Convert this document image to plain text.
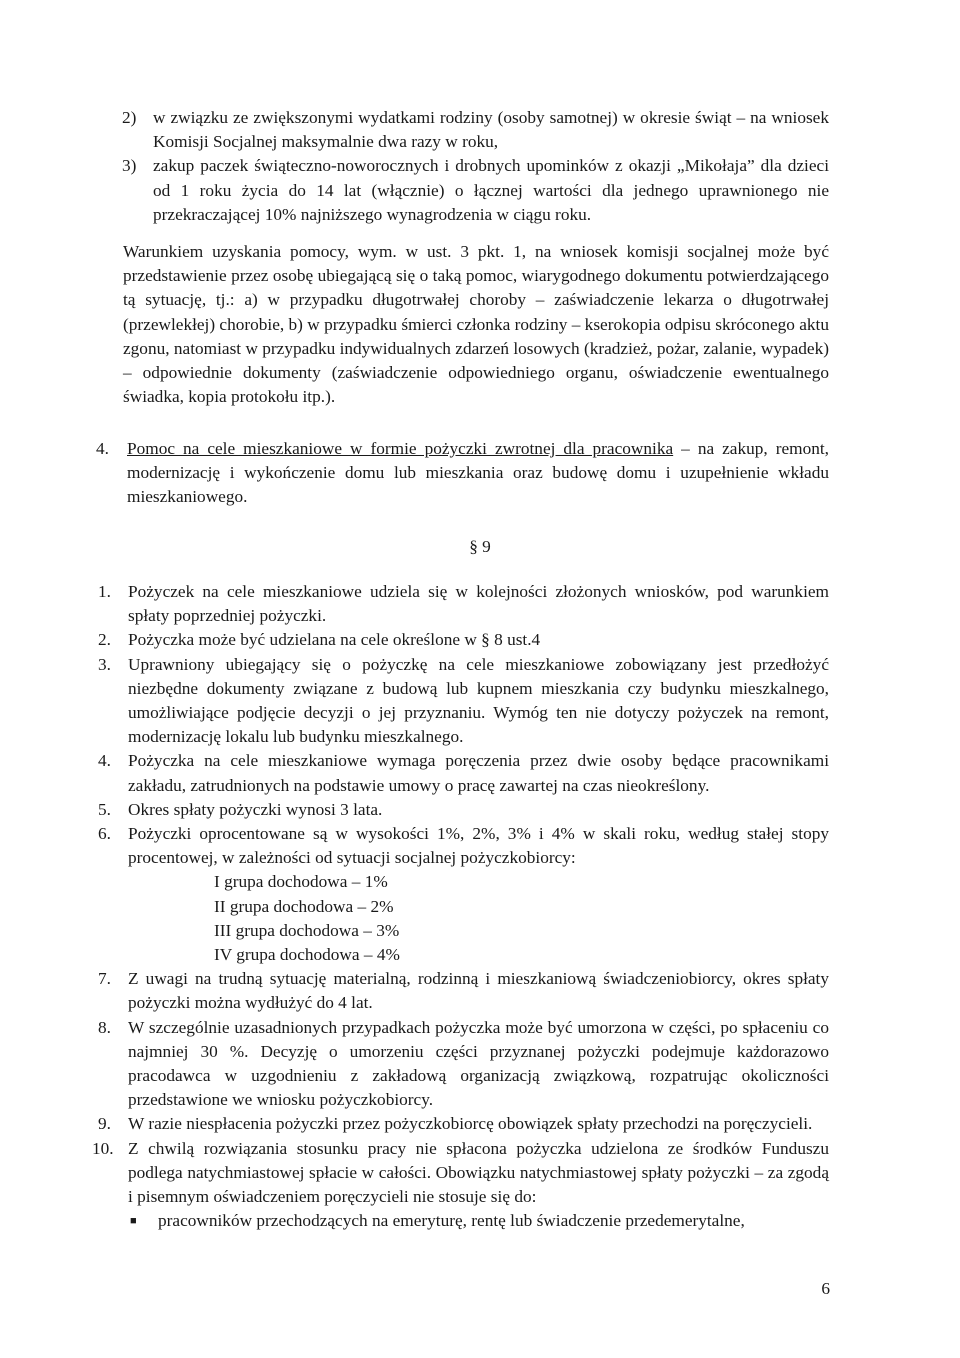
2) w związku ze zwiększonymi wydatkami rodziny (osoby samotnej) w okresie świąt – na wniosek Komisji Socjalnej maksymalnie dwa razy w roku,
3) zakup paczek świąteczno-noworocznych i drobnych upominków z okazji „Mikołaja” dla dzieci od 1 roku życia do 14 lat (włącznie) o łącznej wartości dla jednego uprawnionego nie przekraczającej 10% najniższego wynagrodzenia w ciągu roku.
Warunkiem uzyskania pomocy, wym. w ust. 3 pkt. 1, na wniosek komisji socjalnej może być przedstawienie przez osobę ubiegającą się o taką pomoc, wiarygodnego dokumentu potwierdzającego tą sytuację, tj.: a) w przypadku długotrwałej choroby – zaświadczenie lekarza o długotrwałej (przewlekłej) chorobie, b) w przypadku śmierci członka rodziny – kserokopia odpisu skróconego aktu zgonu, natomiast w przypadku indywidualnych zdarzeń losowych (kradzież, pożar, zalanie, wypadek) – odpowiednie dokumenty (zaświadczenie odpowiedniego organu, oświadczenie ewentualnego świadka, kopia protokołu itp.).
4.	Pomoc na cele mieszkaniowe w formie pożyczki zwrotnej dla pracownika – na zakup, remont, modernizację i wykończenie domu lub mieszkania oraz budowę domu i uzupełnienie wkładu mieszkaniowego.
§ 9
1. Pożyczek na cele mieszkaniowe udziela się w kolejności złożonych wniosków, pod warunkiem spłaty poprzedniej pożyczki.
2. Pożyczka może być udzielana na cele określone w § 8 ust.4
3. Uprawniony ubiegający się o pożyczkę na cele mieszkaniowe zobowiązany jest przedłożyć niezbędne dokumenty związane z budową lub kupnem mieszkania czy budynku mieszkalnego, umożliwiające podjęcie decyzji o jej przyznaniu. Wymóg ten nie dotyczy pożyczek na remont, modernizację lokalu lub budynku mieszkalnego.
4. Pożyczka na cele mieszkaniowe wymaga poręczenia przez dwie osoby będące pracownikami zakładu, zatrudnionych na podstawie umowy o pracę zawartej na czas nieokreślony.
5. Okres spłaty pożyczki wynosi 3 lata.
6. Pożyczki oprocentowane są w wysokości 1%, 2%, 3% i 4% w skali roku, według stałej stopy procentowej, w zależności od sytuacji socjalnej pożyczkobiorcy:
I grupa dochodowa – 1%
II grupa dochodowa – 2%
III grupa dochodowa – 3%
IV grupa dochodowa – 4%
7. Z uwagi na trudną sytuację materialną, rodzinną i mieszkaniową świadczeniobiorcy, okres spłaty pożyczki można wydłużyć do 4 lat.
8. W szczególnie uzasadnionych przypadkach pożyczka może być umorzona w części, po spłaceniu co najmniej 30 %. Decyzję o umorzeniu części przyznanej pożyczki podejmuje każdorazowo pracodawca w uzgodnieniu z zakładową organizacją związkową, rozpatrując okoliczności przedstawione we wniosku pożyczkobiorcy.
9. W razie niespłacenia pożyczki przez pożyczkobiorcę obowiązek spłaty przechodzi na poręczycieli.
10. Z chwilą rozwiązania stosunku pracy nie spłacona pożyczka udzielona ze środków Funduszu podlega natychmiastowej spłacie w całości. Obowiązku natychmiastowej spłaty pożyczki – za zgodą i pisemnym oświadczeniem poręczycieli nie stosuje się do:
■	pracowników przechodzących na emeryturę, rentę lub świadczenie przedemerytalne,
6
